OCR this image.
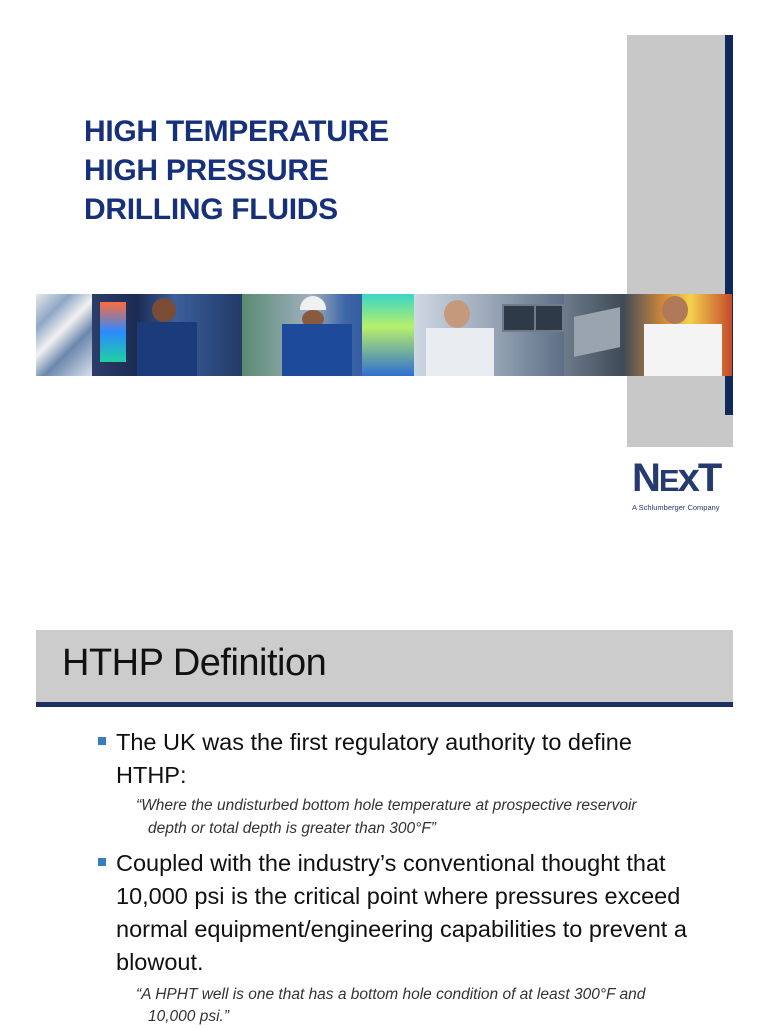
HIGH TEMPERATURE
HIGH PRESSURE
DRILLING FLUIDS
NExT
A Schlumberger Company
HTHP Definition
The UK was the first regulatory authority to define
HTHP:
“Where the undisturbed bottom hole temperature at prospective reservoir
depth or total depth is greater than 300°F”
Coupled with the industry’s conventional thought that
10,000 psi is the critical point where pressures exceed
normal equipment/engineering capabilities to prevent a
blowout.
“A HPHT well is one that has a bottom hole condition of at least 300°F and
10,000 psi.”
